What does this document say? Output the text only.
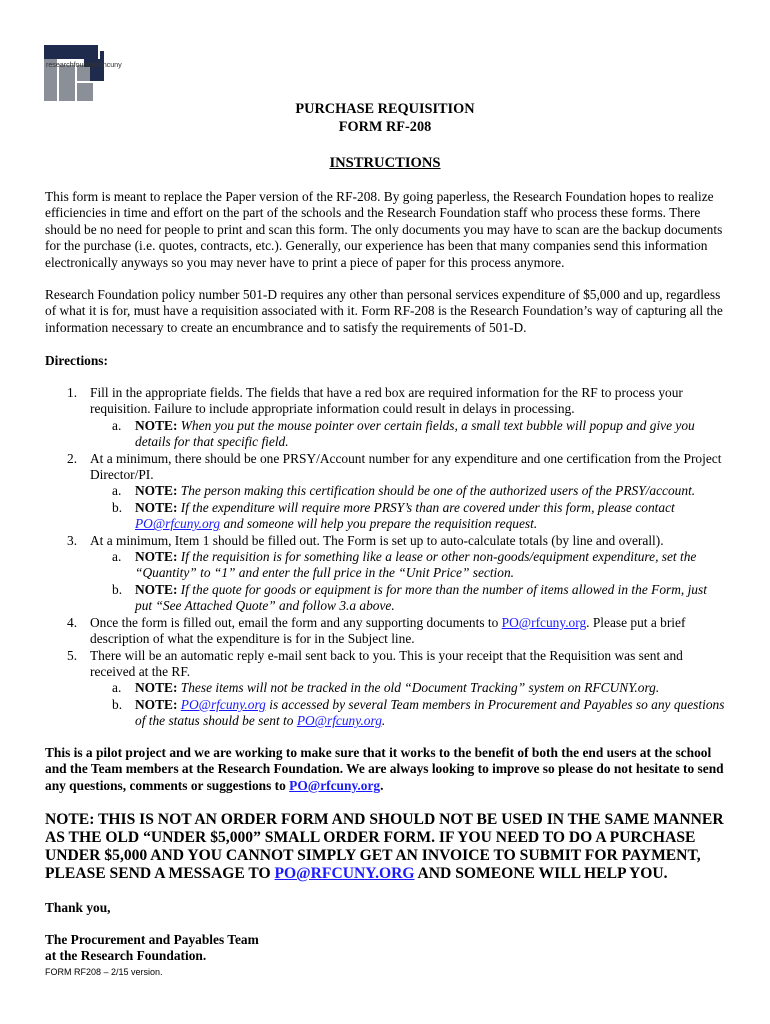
researchfoundationcuny
PURCHASE REQUISITION
FORM RF-208
INSTRUCTIONS

This form is meant to replace the Paper version of the RF-208. By going paperless, the Research Foundation hopes to realize efficiencies in time and effort on the part of the schools and the Research Foundation staff who process these forms. There should be no need for people to print and scan this form. The only documents you may have to scan are the backup documents for the purchase (i.e. quotes, contracts, etc.). Generally, our experience has been that many companies send this information electronically anyways so you may never have to print a piece of paper for this process anymore.

Research Foundation policy number 501-D requires any other than personal services expenditure of $5,000 and up, regardless of what it is for, must have a requisition associated with it. Form RF-208 is the Research Foundation’s way of capturing all the information necessary to create an encumbrance and to satisfy the requirements of 501-D.

Directions:
1. Fill in the appropriate fields. The fields that have a red box are required information for the RF to process your requisition. Failure to include appropriate information could result in delays in processing.
a. NOTE: When you put the mouse pointer over certain fields, a small text bubble will popup and give you details for that specific field.
2. At a minimum, there should be one PRSY/Account number for any expenditure and one certification from the Project Director/PI.
a. NOTE: The person making this certification should be one of the authorized users of the PRSY/account.
b. NOTE: If the expenditure will require more PRSY’s than are covered under this form, please contact PO@rfcuny.org and someone will help you prepare the requisition request.
3. At a minimum, Item 1 should be filled out. The Form is set up to auto-calculate totals (by line and overall).
a. NOTE: If the requisition is for something like a lease or other non-goods/equipment expenditure, set the “Quantity” to “1” and enter the full price in the “Unit Price” section.
b. NOTE: If the quote for goods or equipment is for more than the number of items allowed in the Form, just put “See Attached Quote” and follow 3.a above.
4. Once the form is filled out, email the form and any supporting documents to PO@rfcuny.org. Please put a brief description of what the expenditure is for in the Subject line.
5. There will be an automatic reply e-mail sent back to you. This is your receipt that the Requisition was sent and received at the RF.
a. NOTE: These items will not be tracked in the old “Document Tracking” system on RFCUNY.org.
b. NOTE: PO@rfcuny.org is accessed by several Team members in Procurement and Payables so any questions of the status should be sent to PO@rfcuny.org.
This is a pilot project and we are working to make sure that it works to the benefit of both the end users at the school and the Team members at the Research Foundation. We are always looking to improve so please do not hesitate to send any questions, comments or suggestions to PO@rfcuny.org.
NOTE: THIS IS NOT AN ORDER FORM AND SHOULD NOT BE USED IN THE SAME MANNER AS THE OLD “UNDER $5,000” SMALL ORDER FORM. IF YOU NEED TO DO A PURCHASE UNDER $5,000 AND YOU CANNOT SIMPLY GET AN INVOICE TO SUBMIT FOR PAYMENT, PLEASE SEND A MESSAGE TO PO@RFCUNY.ORG AND SOMEONE WILL HELP YOU.
Thank you,
The Procurement and Payables Team
at the Research Foundation.
FORM RF208 – 2/15 version.
